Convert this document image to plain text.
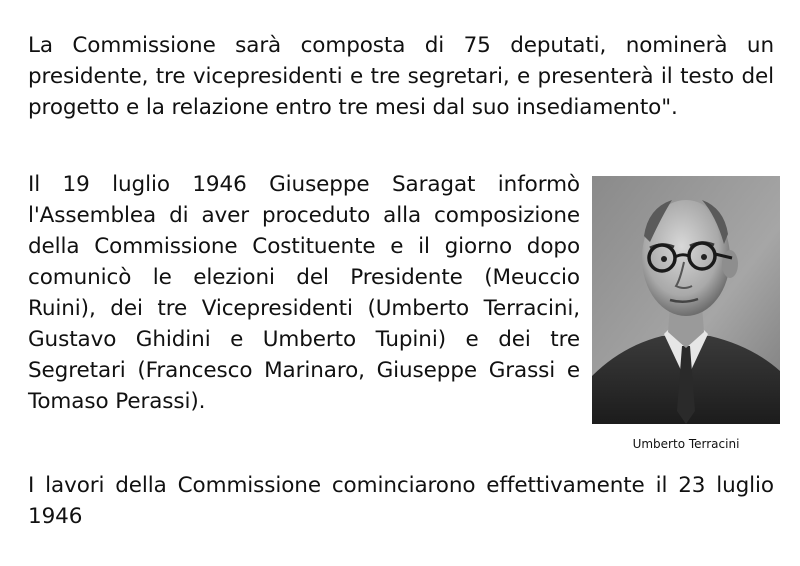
La Commissione sarà composta di 75 deputati, nominerà un presidente, tre vicepresidenti e tre segretari, e presenterà il testo del progetto e la relazione entro tre mesi dal suo insediamento".

Il 19 luglio 1946 Giuseppe Saragat informò l'Assemblea di aver proceduto alla composizione della Commissione Costituente e il giorno dopo comunicò le elezioni del Presidente (Meuccio Ruini), dei tre Vicepresidenti (Umberto Terracini, Gustavo Ghidini e Umberto Tupini) e dei tre Segretari (Francesco Marinaro, Giuseppe Grassi e Tomaso Perassi).

Umberto Terracini

I lavori della Commissione cominciarono effettivamente il 23 luglio 1946
